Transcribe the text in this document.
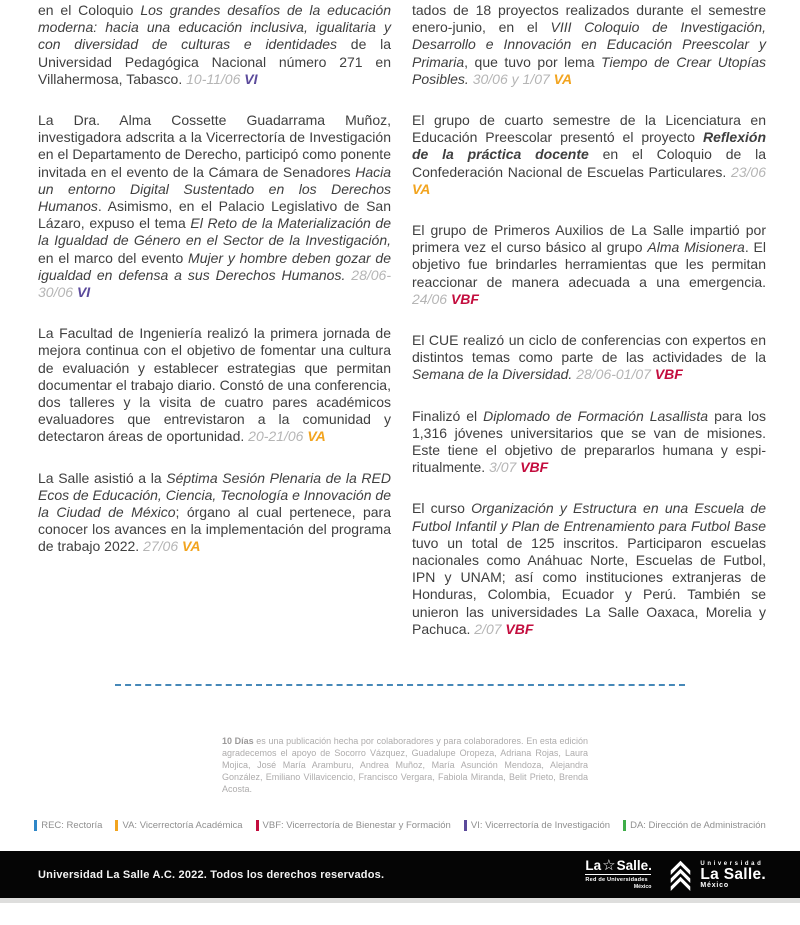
en el Coloquio Los grandes desafíos de la educación moderna: hacia una educación inclusiva, igualitaria y con diversidad de culturas e identidades de la Universidad Pedagógica Nacional número 271 en Villahermosa, Tabasco. 10-11/06 VI

La Dra. Alma Cossette Guadarrama Muñoz, investigadora adscrita a la Vicerrectoría de Investigación en el Departamento de Derecho, participó como ponente invitada en el evento de la Cámara de Senadores Hacia un entorno Digital Sustentado en los Derechos Humanos. Asimismo, en el Palacio Legislativo de San Lázaro, expuso el tema El Reto de la Materialización de la Igualdad de Género en el Sector de la Investigación, en el marco del evento Mujer y hombre deben gozar de igualdad en defensa a sus Derechos Humanos. 28/06-30/06 VI

La Facultad de Ingeniería realizó la primera jornada de mejora continua con el objetivo de fomentar una cultura de evaluación y establecer estrategias que permitan documentar el trabajo diario. Constó de una conferencia, dos talleres y la visita de cuatro pares académicos evaluadores que entrevistaron a la comunidad y detectaron áreas de oportunidad. 20-21/06 VA

La Salle asistió a la Séptima Sesión Plenaria de la RED Ecos de Educación, Ciencia, Tecnología e Innovación de la Ciudad de México; órgano al cual pertenece, para conocer los avances en la implementación del programa de trabajo 2022. 27/06 VA

tados de 18 proyectos realizados durante el semestre enero-junio, en el VIII Coloquio de Investigación, Desarrollo e Innovación en Educación Preescolar y Primaria, que tuvo por lema Tiempo de Crear Utopías Posibles. 30/06 y 1/07 VA

El grupo de cuarto semestre de la Licenciatura en Educación Preescolar presentó el proyecto Reflexión de la práctica docente en el Coloquio de la Confederación Nacional de Escuelas Particulares. 23/06 VA

El grupo de Primeros Auxilios de La Salle impartió por primera vez el curso básico al grupo Alma Misionera. El objetivo fue brindarles herramientas que les permitan reaccionar de manera adecuada a una emergencia. 24/06 VBF

El CUE realizó un ciclo de conferencias con expertos en distintos temas como parte de las actividades de la Semana de la Diversidad. 28/06-01/07 VBF

Finalizó el Diplomado de Formación Lasallista para los 1,316 jóvenes universitarios que se van de misiones. Este tiene el objetivo de prepararlos humana y espi-ritualmente. 3/07 VBF

El curso Organización y Estructura en una Escuela de Futbol Infantil y Plan de Entrenamiento para Futbol Base tuvo un total de 125 inscritos. Participaron escuelas nacionales como Anáhuac Norte, Escuelas de Futbol, IPN y UNAM; así como instituciones extranjeras de Honduras, Colombia, Ecuador y Perú. También se unieron las universidades La Salle Oaxaca, Morelia y Pachuca. 2/07 VBF

10 Días es una publicación hecha por colaboradores y para colaboradores. En esta edición agradecemos el apoyo de Socorro Vázquez, Guadalupe Oropeza, Adriana Rojas, Laura Mojica, José María Aramburu, Andrea Muñoz, María Asunción Mendoza, Alejandra González, Emiliano Villavicencio, Francisco Vergara, Fabiola Miranda, Belit Prieto, Brenda Acosta.

REC: Rectoría VA: Vicerrectoría Académica VBF: Vicerrectoría de Bienestar y Formación VI: Vicerrectoría de Investigación DA: Dirección de Administración
Universidad La Salle A.C. 2022. Todos los derechos reservados.
La ☆ Salle.
Red de Universidades
México
Universidad
La Salle.
México
